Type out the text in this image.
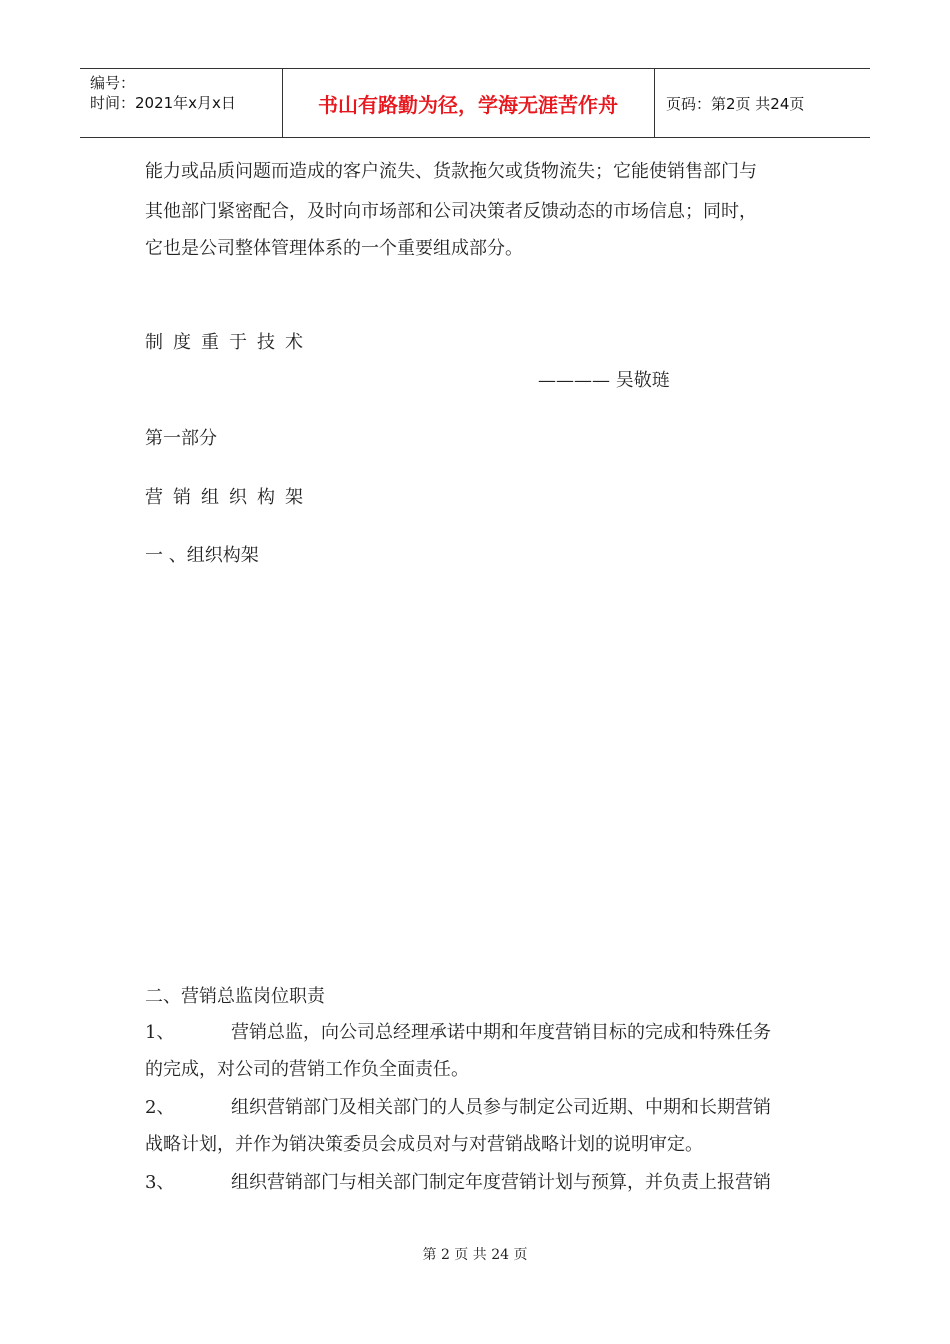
编号：
时间：2021年x月x日	书山有路勤为径，学海无涯苦作舟	页码：第2页 共24页
能力或品质问题而造成的客户流失、货款拖欠或货物流失；它能使销售部门与
其他部门紧密配合，及时向市场部和公司决策者反馈动态的市场信息；同时，
它也是公司整体管理体系的一个重要组成部分。
制度重于技术
———— 吴敬琏
第一部分
营销组织构架
一 、组织构架
二、营销总监岗位职责
1、	营销总监，向公司总经理承诺中期和年度营销目标的完成和特殊任务
的完成，对公司的营销工作负全面责任。
2、	组织营销部门及相关部门的人员参与制定公司近期、中期和长期营销
战略计划，并作为销决策委员会成员对与对营销战略计划的说明审定。
3、	组织营销部门与相关部门制定年度营销计划与预算，并负责上报营销
第 2 页 共 24 页
